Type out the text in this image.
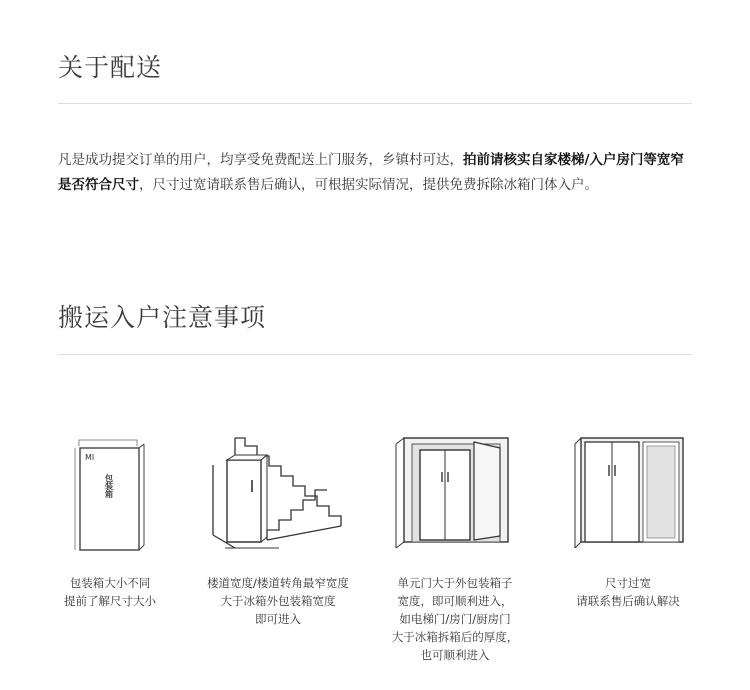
关于配送

凡是成功提交订单的用户，均享受免费配送上门服务，乡镇村可达，拍前请核实自家楼梯/入户房门等宽窄是否符合尺寸，尺寸过宽请联系售后确认，可根据实际情况，提供免费拆除冰箱门体入户。

搬运入户注意事项
MI
包装箱
包装箱大小不同
提前了解尺寸大小
楼道宽度/楼道转角最窄宽度
大于冰箱外包装箱宽度
即可进入
单元门大于外包装箱子
宽度，即可顺利进入，
如电梯门/房门/厨房门
大于冰箱拆箱后的厚度，
也可顺利进入
尺寸过宽
请联系售后确认解决
